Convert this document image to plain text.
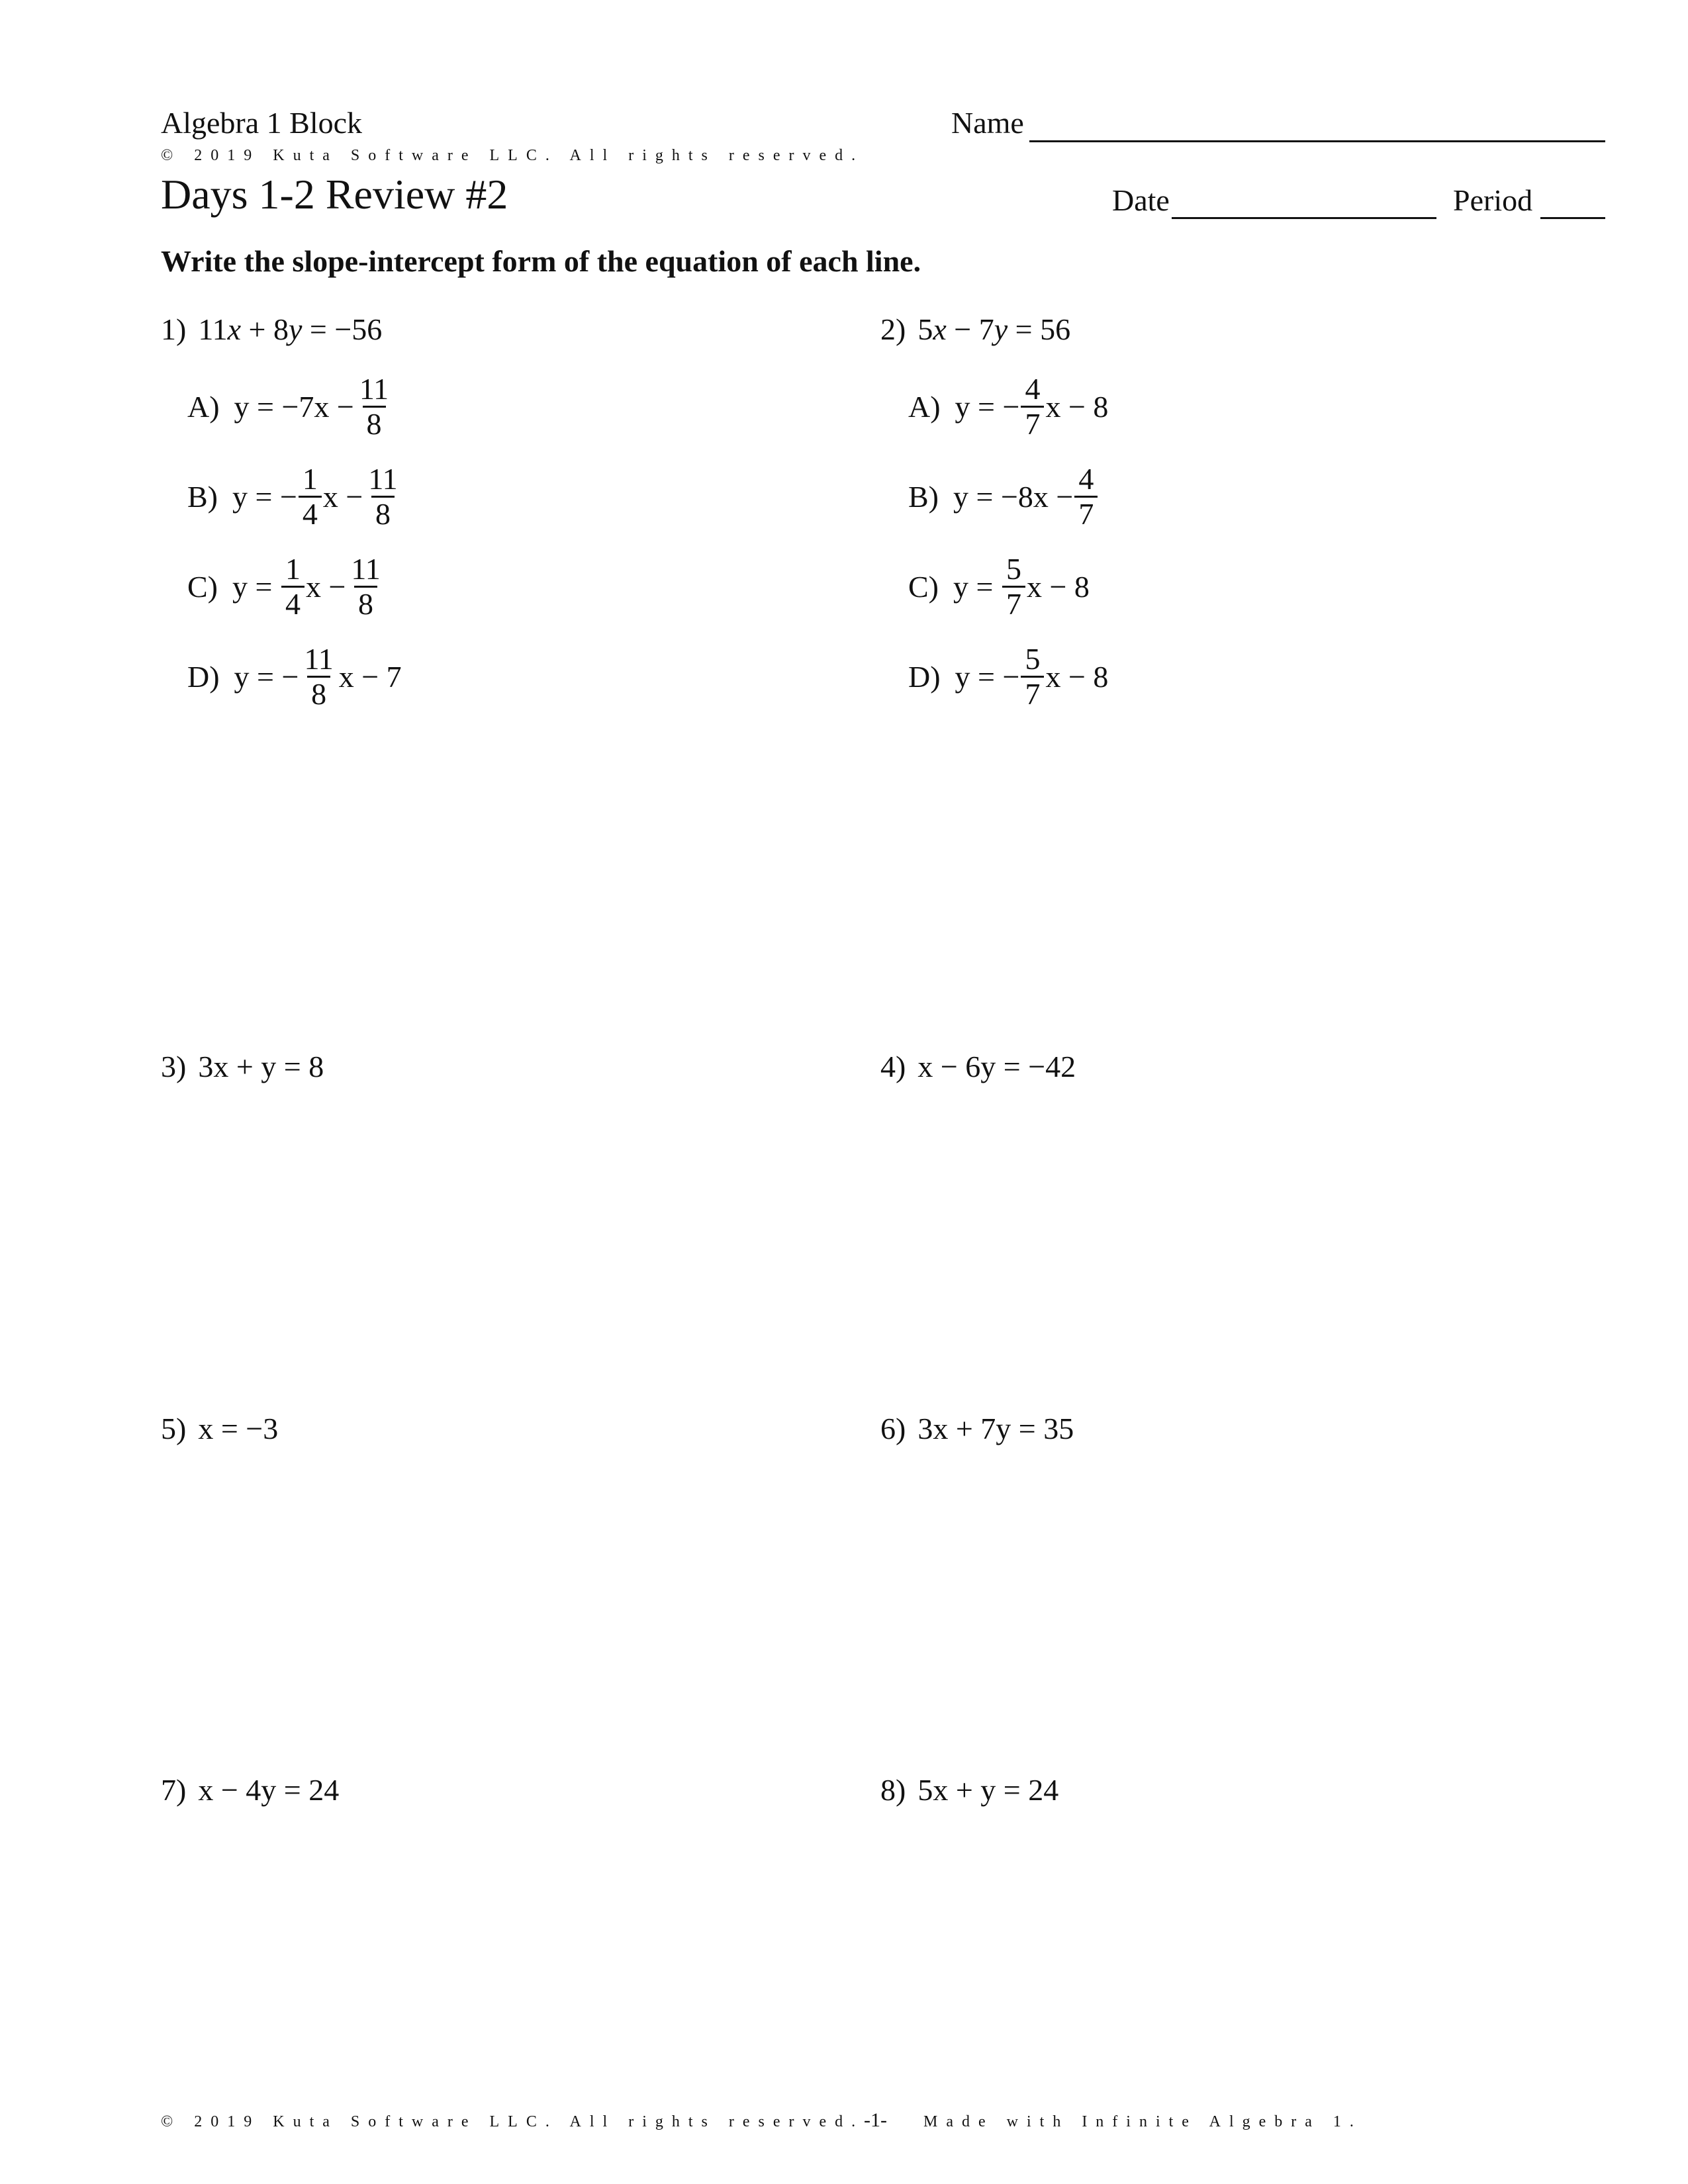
Algebra 1 Block	Name
© 2019 Kuta Software LLC. All rights reserved.
Days 1-2 Review #2	Date	Period
Write the slope-intercept form of the equation of each line.
1) 11x + 8y = −56
A) $y = -7x - \frac{11}{8}$
B) y = − $\frac{1}{4}$ $x - \frac{11}{8}$
C) $y = \frac{1}{4}$ $x - \frac{11}{8}$
D) y = − $\frac{11}{8}$ x − 7
2) 5x − 7y = 56
A) y = − $\frac{4}{7}$ x − 8
B) $y = -8x - \frac{4}{7}$
C) $y = \frac{5}{7}$ x − 8
D) y = − $\frac{5}{7}$ x − 8
3) 3x + y = 8	4) x − 6y = −42
5) x = −3	6) 3x + 7y = 35
7) x − 4y = 24	8) 5x + y = 24
© 2019 Kuta Software LLC. All rights reserved. -1- Made with Infinite Algebra 1.
